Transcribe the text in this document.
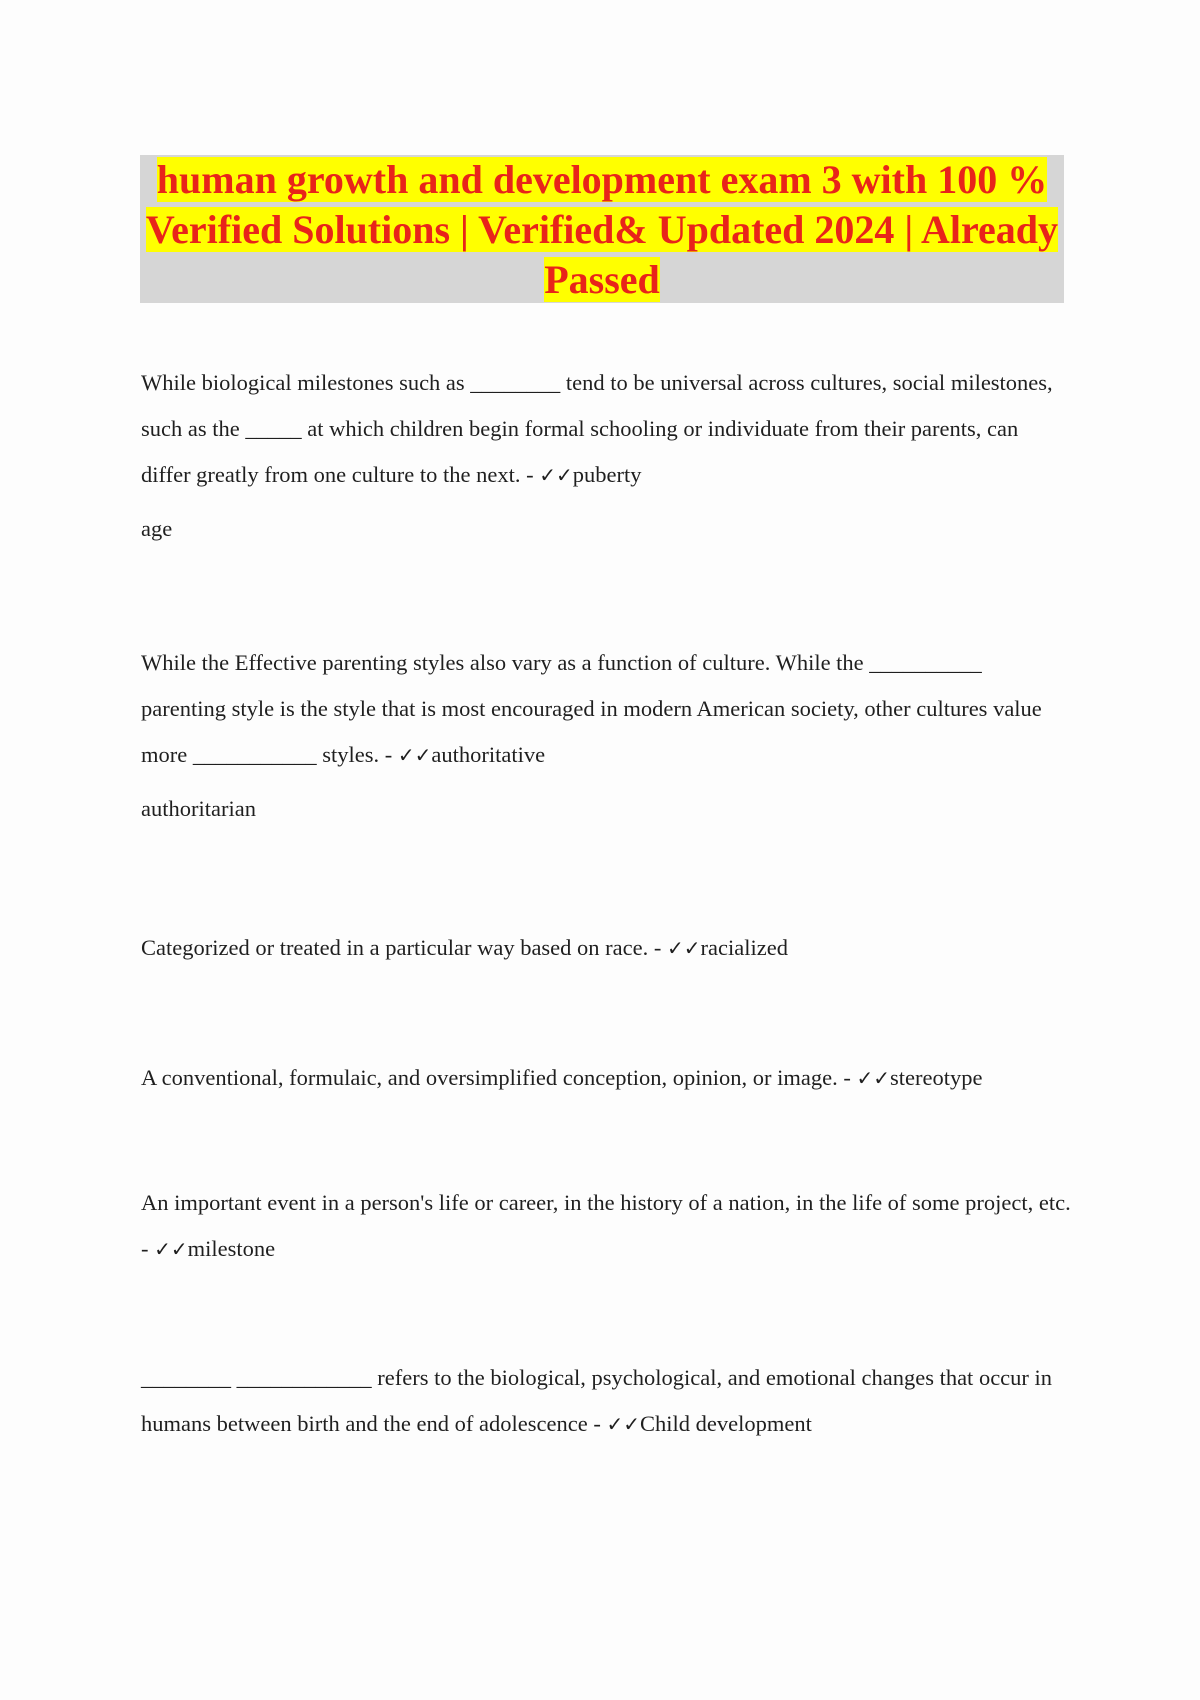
human growth and development exam 3 with 100 % Verified Solutions | Verified& Updated 2024 | Already Passed

While biological milestones such as ________ tend to be universal across cultures, social milestones, such as the _____ at which children begin formal schooling or individuate from their parents, can differ greatly from one culture to the next. - ✓✓puberty

age

While the Effective parenting styles also vary as a function of culture. While the __________ parenting style is the style that is most encouraged in modern American society, other cultures value more ___________ styles. - ✓✓authoritative

authoritarian

Categorized or treated in a particular way based on race. - ✓✓racialized

A conventional, formulaic, and oversimplified conception, opinion, or image. - ✓✓stereotype

An important event in a person's life or career, in the history of a nation, in the life of some project, etc. - ✓✓milestone

________ ____________ refers to the biological, psychological, and emotional changes that occur in humans between birth and the end of adolescence - ✓✓Child development
